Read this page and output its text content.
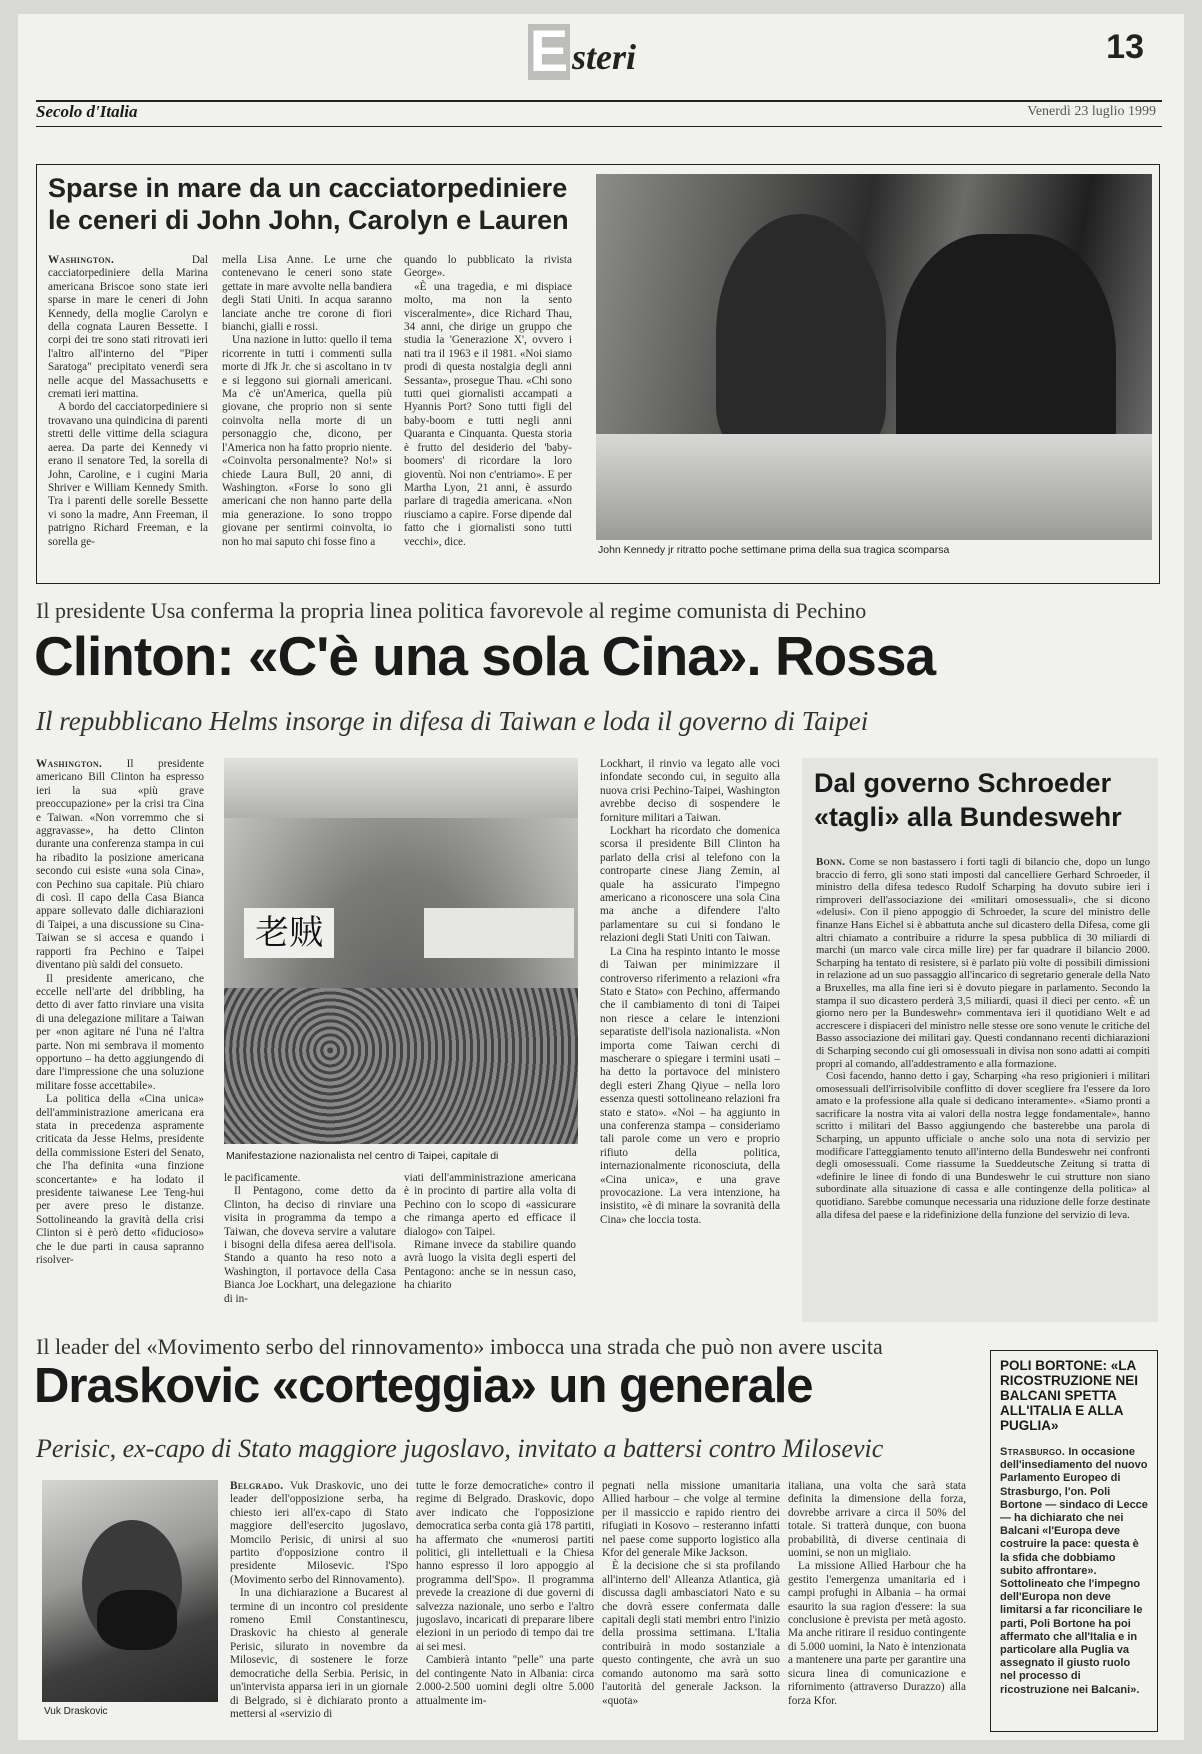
E steri	13
Secolo d'Italia	Venerdì 23 luglio 1999
Sparse in mare da un cacciatorpediniere
le ceneri di John John, Carolyn e Lauren

Washington.	Dal cacciatorpediniere della Marina americana Briscoe sono state ieri sparse in mare le ceneri di John Kennedy, della moglie Carolyn e della cognata Lauren Bessette. I corpi dei tre sono stati ritrovati ieri l'altro all'interno del "Piper Saratoga" precipitato venerdì sera nelle acque del Massachusetts e cremati ieri mattina.

A bordo del cacciatorpediniere si trovavano una quindicina di parenti stretti delle vittime della sciagura aerea. Da parte dei Kennedy vi erano il senatore Ted, la sorella di John, Caroline, e i cugini Maria Shriver e William Kennedy Smith. Tra i parenti delle sorelle Bessette vi sono la madre, Ann Freeman, il patrigno Richard Freeman, e la sorella ge-

mella Lisa Anne. Le urne che contenevano le ceneri sono state gettate in mare avvolte nella bandiera degli Stati Uniti. In acqua saranno lanciate anche tre corone di fiori bianchi, gialli e rossi.

Una nazione in lutto: quello il tema ricorrente in tutti i commenti sulla morte di Jfk Jr. che si ascoltano in tv e si leggono sui giornali americani. Ma c'è un'America, quella più giovane, che proprio non si sente coinvolta nella morte di un personaggio che, dicono, per l'America non ha fatto proprio niente. «Coinvolta personalmente? No!» si chiede Laura Bull, 20 anni, di Washington. «Forse lo sono gli americani che non hanno parte della mia generazione. Io sono troppo giovane per sentirmi coinvolta, io non ho mai saputo chi fosse fino a

quando lo pubblicato la rivista George».

«È una tragedia, e mi dispiace molto, ma non la sento visceralmente», dice Richard Thau, 34 anni, che dirige un gruppo che studia la 'Generazione X', ovvero i nati tra il 1963 e il 1981. «Noi siamo prodi di questa nostalgia degli anni Sessanta», prosegue Thau. «Chi sono tutti quei giornalisti accampati a Hyannis Port? Sono tutti figli del baby-boom e tutti negli anni Quaranta e Cinquanta. Questa storia è frutto del desiderio del 'baby-boomers' di ricordare la loro gioventù. Noi non c'entriamo». E per Martha Lyon, 21 anni, è assurdo parlare di tragedia americana. «Non riusciamo a capire. Forse dipende dal fatto che i giornalisti sono tutti vecchi», dice.

John Kennedy jr ritratto poche settimane prima della sua tragica scomparsa
Il presidente Usa conferma la propria linea politica favorevole al regime comunista di Pechino
Clinton: «C'è una sola Cina». Rossa
Il repubblicano Helms insorge in difesa di Taiwan e loda il governo di Taipei

Washington. Il presidente americano Bill Clinton ha espresso ieri la sua «più grave preoccupazione» per la crisi tra Cina e Taiwan. «Non vorremmo che si aggravasse», ha detto Clinton durante una conferenza stampa in cui ha ribadito la posizione americana secondo cui esiste «una sola Cina», con Pechino sua capitale. Più chiaro di così. Il capo della Casa Bianca appare sollevato dalle dichiarazioni di Taipei, a una discussione su Cina-Taiwan se si accesa e quando i rapporti fra Pechino e Taipei diventano più saldi del consueto.

Il presidente americano, che eccelle nell'arte del dribbling, ha detto di aver fatto rinviare una visita di una delegazione militare a Taiwan per «non agitare né l'una né l'altra parte. Non mi sembrava il momento opportuno – ha detto aggiungendo di dare l'impressione che una soluzione militare fosse accettabile».

La politica della «Cina unica» dell'amministrazione americana era stata in precedenza aspramente criticata da Jesse Helms, presidente della commissione Esteri del Senato, che l'ha definita «una finzione sconcertante» e ha lodato il presidente taiwanese Lee Teng-hui per avere preso le distanze. Sottolineando la gravità della crisi Clinton si è però detto «fiducioso» che le due parti in causa sapranno risolver-

老贼
Manifestazione nazionalista nel centro di Taipei, capitale di

le pacificamente.

Il Pentagono, come detto da Clinton, ha deciso di rinviare una visita in programma da tempo a Taiwan, che doveva servire a valutare i bisogni della difesa aerea dell'isola. Stando a quanto ha reso noto a Washington, il portavoce della Casa Bianca Joe Lockhart, una delegazione di in-

viati dell'amministrazione americana è in procinto di partire alla volta di Pechino con lo scopo di «assicurare che rimanga aperto ed efficace il dialogo» con Taipei.

Rimane invece da stabilire quando avrà luogo la visita degli esperti del Pentagono: anche se in nessun caso, ha chiarito

Lockhart, il rinvio va legato alle voci infondate secondo cui, in seguito alla nuova crisi Pechino-Taipei, Washington avrebbe deciso di sospendere le forniture militari a Taiwan.

Lockhart ha ricordato che domenica scorsa il presidente Bill Clinton ha parlato della crisi al telefono con la controparte cinese Jiang Zemin, al quale ha assicurato l'impegno americano a riconoscere una sola Cina ma anche a difendere l'alto parlamentare su cui si fondano le relazioni degli Stati Uniti con Taiwan.

La Cina ha respinto intanto le mosse di Taiwan per minimizzare il controverso riferimento a relazioni «fra Stato e Stato» con Pechino, affermando che il cambiamento di toni di Taipei non riesce a celare le intenzioni separatiste dell'isola nazionalista. «Non importa come Taiwan cerchi di mascherare o spiegare i termini usati – ha detto la portavoce del ministero degli esteri Zhang Qiyue – nella loro essenza questi sottolineano relazioni fra stato e stato». «Noi – ha aggiunto in una conferenza stampa – consideriamo tali parole come un vero e proprio rifiuto della politica, internazionalmente riconosciuta, della «Cina unica», e una grave provocazione. La vera intenzione, ha insistito, «è di minare la sovranità della Cina» che loccia tosta.

Dal governo Schroeder
«tagli» alla Bundeswehr

Bonn. Come se non bastassero i forti tagli di bilancio che, dopo un lungo braccio di ferro, gli sono stati imposti dal cancelliere Gerhard Schroeder, il ministro della difesa tedesco Rudolf Scharping ha dovuto subire ieri i rimproveri dell'associazione dei «militari omosessuali», che si dicono «delusi». Con il pieno appoggio di Schroeder, la scure del ministro delle finanze Hans Eichel si è abbattuta anche sul dicastero della Difesa, come gli altri chiamato a contribuire a ridurre la spesa pubblica di 30 miliardi di marchi (un marco vale circa mille lire) per far quadrare il bilancio 2000. Scharping ha tentato di resistere, si è parlato più volte di possibili dimissioni in relazione ad un suo passaggio all'incarico di segretario generale della Nato a Bruxelles, ma alla fine ieri si è dovuto piegare in parlamento. Secondo la stampa il suo dicastero perderà 3,5 miliardi, quasi il dieci per cento. «È un giorno nero per la Bundeswehr» commentava ieri il quotidiano Welt e ad accrescere i dispiaceri del ministro nelle stesse ore sono venute le critiche del Basso associazione dei militari gay. Questi condannano recenti dichiarazioni di Scharping secondo cui gli omosessuali in divisa non sono adatti ai compiti propri al comando, all'addestramento e alla formazione.

Così facendo, hanno detto i gay, Scharping «ha reso prigionieri i militari omosessuali dell'irrisolvibile conflitto di dover scegliere fra l'essere da loro amato e la professione alla quale si dedicano interamente». «Siamo pronti a sacrificare la nostra vita ai valori della nostra legge fondamentale», hanno scritto i militari del Basso aggiungendo che basterebbe una parola di Scharping, un appunto ufficiale o anche solo una nota di servizio per modificare l'atteggiamento tenuto all'interno della Bundeswehr nei confronti degli omosessuali. Come riassume la Sueddeutsche Zeitung si tratta di «definire le linee di fondo di una Bundeswehr le cui strutture non siano subordinate alla situazione di cassa e alle contingenze della politica» al quotidiano. Sarebbe comunque necessaria una riduzione delle forze destinate alla difesa del paese e la ridefinizione della funzione del servizio di leva.

Il leader del «Movimento serbo del rinnovamento» imbocca una strada che può non avere uscita
Draskovic «corteggia» un generale
Perisic, ex-capo di Stato maggiore jugoslavo, invitato a battersi contro Milosevic
Vuk Draskovic

Belgrado. Vuk Draskovic, uno dei leader dell'opposizione serba, ha chiesto ieri all'ex-capo di Stato maggiore dell'esercito jugoslavo, Momcilo Perisic, di unirsi al suo partito d'opposizione contro il presidente Milosevic. l'Spo (Movimento serbo del Rinnovamento).

In una dichiarazione a Bucarest al termine di un incontro col presidente romeno Emil Constantinescu, Draskovic ha chiesto al generale Perisic, silurato in novembre da Milosevic, di sostenere le forze democratiche della Serbia. Perisic, in un'intervista apparsa ieri in un giornale di Belgrado, si è dichiarato pronto a mettersi al «servizio di

tutte le forze democratiche» contro il regime di Belgrado. Draskovic, dopo aver indicato che l'opposizione democratica serba conta già 178 partiti, ha affermato che «numerosi partiti politici, gli intellettuali e la Chiesa hanno espresso il loro appoggio al programma dell'Spo». Il programma prevede la creazione di due governi di salvezza nazionale, uno serbo e l'altro jugoslavo, incaricati di preparare libere elezioni in un periodo di tempo dai tre ai sei mesi.

Cambierà intanto "pelle" una parte del contingente Nato in Albania: circa 2.000-2.500 uomini degli oltre 5.000 attualmente im-

pegnati nella missione umanitaria Allied harbour – che volge al termine per il massiccio e rapido rientro dei rifugiati in Kosovo – resteranno infatti nel paese come supporto logistico alla Kfor del generale Mike Jackson.

È la decisione che si sta profilando all'interno dell' Alleanza Atlantica, già discussa dagli ambasciatori Nato e su che dovrà essere confermata dalle capitali degli stati membri entro l'inizio della prossima settimana. L'Italia contribuirà in modo sostanziale a questo contingente, che avrà un suo comando autonomo ma sarà sotto l'autorità del generale Jackson. la «quota»

italiana, una volta che sarà stata definita la dimensione della forza, dovrebbe arrivare a circa il 50% del totale. Si tratterà dunque, con buona probabilità, di diverse centinaia di uomini, se non un migliaio.

La missione Allied Harbour che ha gestito l'emergenza umanitaria ed i campi profughi in Albania – ha ormai esaurito la sua ragion d'essere: la sua conclusione è prevista per metà agosto. Ma anche ritirare il residuo contingente di 5.000 uomini, la Nato è intenzionata a mantenere una parte per garantire una sicura linea di comunicazione e rifornimento (attraverso Durazzo) alla forza Kfor.

POLI BORTONE: «LA RICOSTRUZIONE NEI BALCANI SPETTA ALL'ITALIA E ALLA PUGLIA»
Strasburgo. In occasione dell'insediamento del nuovo Parlamento Europeo di Strasburgo, l'on. Poli Bortone — sindaco di Lecce — ha dichiarato che nei Balcani «l'Europa deve costruire la pace: questa è la sfida che dobbiamo subito affrontare». Sottolineato che l'impegno dell'Europa non deve limitarsi a far riconciliare le parti, Poli Bortone ha poi affermato che all'Italia e in particolare alla Puglia va assegnato il giusto ruolo nel processo di ricostruzione nei Balcani».
